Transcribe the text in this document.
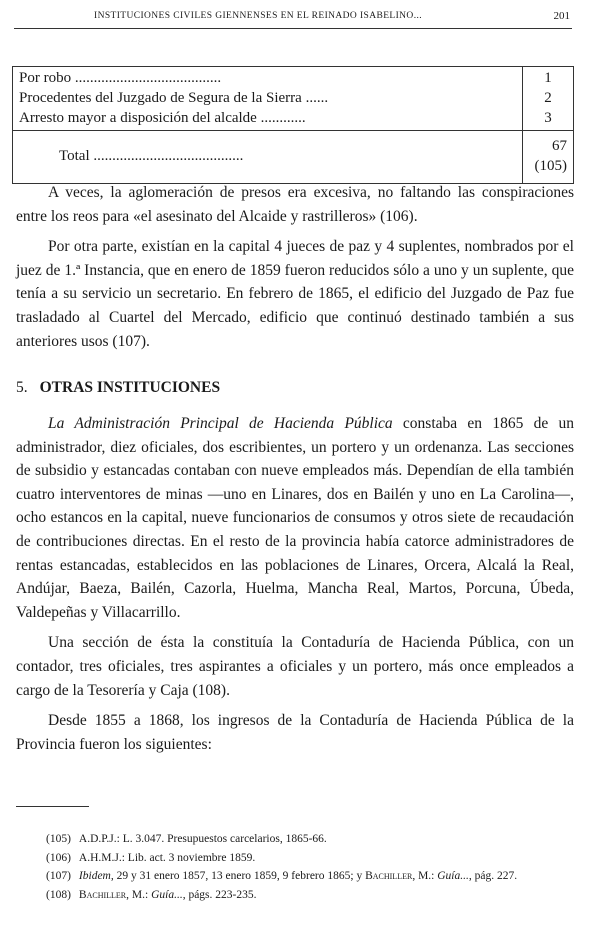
INSTITUCIONES CIVILES GIENNENSES EN EL REINADO ISABELINO...	201
Por robo .......................................	1
Procedentes del Juzgado de Segura de la Sierra ......	2
Arresto mayor a disposición del alcalde ............	3
Total ........................................	67 (105)

A veces, la aglomeración de presos era excesiva, no faltando las conspiraciones entre los reos para «el asesinato del Alcaide y rastrilleros» (106).

Por otra parte, existían en la capital 4 jueces de paz y 4 suplentes, nombrados por el juez de 1.ª Instancia, que en enero de 1859 fueron reducidos sólo a uno y un suplente, que tenía a su servicio un secretario. En febrero de 1865, el edificio del Juzgado de Paz fue trasladado al Cuartel del Mercado, edificio que continuó destinado también a sus anteriores usos (107).

5. OTRAS INSTITUCIONES

La Administración Principal de Hacienda Pública constaba en 1865 de un administrador, diez oficiales, dos escribientes, un portero y un ordenanza. Las secciones de subsidio y estancadas contaban con nueve empleados más. Dependían de ella también cuatro interventores de minas —uno en Linares, dos en Bailén y uno en La Carolina—, ocho estancos en la capital, nueve funcionarios de consumos y otros siete de recaudación de contribuciones directas. En el resto de la provincia había catorce administradores de rentas estancadas, establecidos en las poblaciones de Linares, Orcera, Alcalá la Real, Andújar, Baeza, Bailén, Cazorla, Huelma, Mancha Real, Martos, Porcuna, Úbeda, Valdepeñas y Villacarrillo.

Una sección de ésta la constituía la Contaduría de Hacienda Pública, con un contador, tres oficiales, tres aspirantes a oficiales y un portero, más once empleados a cargo de la Tesorería y Caja (108).

Desde 1855 a 1868, los ingresos de la Contaduría de Hacienda Pública de la Provincia fueron los siguientes:

(105) A.D.P.J.: L. 3.047. Presupuestos carcelarios, 1865-66.

(106) A.H.M.J.: Lib. act. 3 noviembre 1859.

(107) Ibidem, 29 y 31 enero 1857, 13 enero 1859, 9 febrero 1865; y Bachiller, M.: Guía..., pág. 227.

(108) Bachiller, M.: Guía..., págs. 223-235.
